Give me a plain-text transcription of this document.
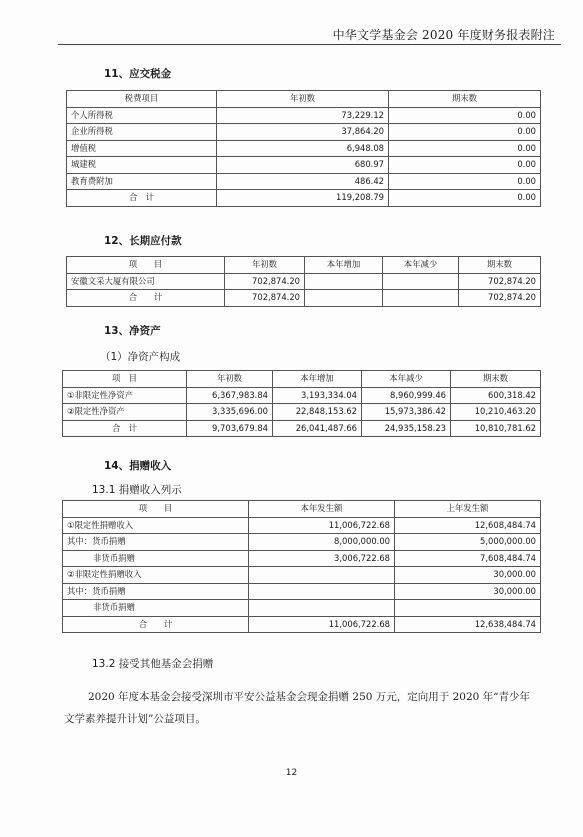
中华文学基金会 2020 年度财务报表附注
11、应交税金
税费项目	年初数	期末数
个人所得税	73,229.12	0.00
企业所得税	37,864.20	0.00
增值税	6,948.08	0.00
城建税	680.97	0.00
教育费附加	486.42	0.00
合　计	119,208.79	0.00
12、长期应付款
项　　目	年初数	本年增加	本年减少	期末数
安徽文采大厦有限公司	702,874.20			702,874.20
合　　计	702,874.20			702,874.20
13、净资产
（1）净资产构成
项　目	年初数	本年增加	本年减少	期末数
①非限定性净资产	6,367,983.84	3,193,334.04	8,960,999.46	600,318.42
②限定性净资产	3,335,696.00	22,848,153.62	15,973,386.42	10,210,463.20
合　计	9,703,679.84	26,041,487.66	24,935,158.23	10,810,781.62
14、捐赠收入
13.1 捐赠收入列示
项　　目	本年发生额	上年发生额
①限定性捐赠收入	11,006,722.68	12,608,484.74
其中：货币捐赠	8,000,000.00	5,000,000.00
非货币捐赠	3,006,722.68	7,608,484.74
②非限定性捐赠收入		30,000.00
其中：货币捐赠		30,000.00
非货币捐赠		
合　　计	11,006,722.68	12,638,484.74
13.2 接受其他基金会捐赠
2020 年度本基金会接受深圳市平安公益基金会现金捐赠 250 万元，定向用于 2020 年“青少年文学素养提升计划”公益项目。
12
